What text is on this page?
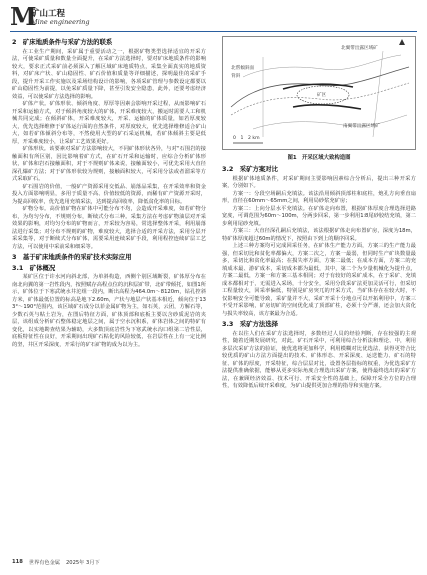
M
矿山工程
Mine engineering
2　矿床地质条件与采矿方法的联系

在工业生产期间，采矿属于重要活动之一，根据矿物类型选择适宜的开采方法，可使采矿质量和数量全面提升，在采矿方法选择时，要对矿床地质条件的影响较大，要求正式采矿前必须深入了解区域矿床地质特点，采集全面真实的地质资料，对矿床产状、矿山稳固性、矿石价值和质量等详细描述，探明最佳的采矿手段，提升开采工作实施以及采场结构设计的影响，各项采矿管理与参数设定都要以矿山稳固性为前提，以免采矿质量下降，甚至引发安全隐患，此外，还要考虑经济效益，可以使采矿方法选择的影响。

矿体产状。矿体形状、倾斜角度、厚厚等因素会影响开采过程，从而影响矿石开采和运输方式，对于倾斜角度较大的矿体，开采难度较大，搬运时需要人工和机械共同完成；在倾斜矿体，开采难度较大，开采、运输的矿体质量，如若厚度较大，优先选择维修于矿体运行面的自然条件，对厚度较大，优先选择维修适合矿山大，如若矿体倾斜分布等，不然使用大型的矿石采运机械，若矿体倾斜主要是低厚，开采难度较小，让采矿工艺效果更好。

矿体形状。该要素对采矿方法影响较大，不同矿体形状各异，与对"石围岩的接触面积有所区别，因比影响着矿方式，在矿石开采和运输时，应综合分析矿体形状，矿体和岩石接触面积，对于不规则矿体来说，接触面较小，可优先采用大直径深孔爆矿方法；对于矿体形状较为规则，接触面积较大，可采用分法或者溜采等方式采取矿石。

矿石围岩的价值，一般矿产资源采用交低品、崩落品采集，在开采效率和资金投入方面影响明显，多用于质量不高、价值较低的资源，而稀有矿产资源开采时，为提高回收率，优先选用充填采法，达到提高回收率，降低贫化率的目标。

矿物分布。高价值矿物在矿体中可能分布不均，会造成开采难度，如若矿物分布，为均匀分布，不规则分布，断续式分布三种。采集方法在考虑矿物油层对开采效果的影响，对均匀分布的矿物而言，开采较为容易，常选择整体开采，利用崩落法进行采集；对分布不规则的矿物，难度较大，选择合适的开采方法，采用分层开采采集等，对于断续式分布矿体，需要采用连续采矿手段，利用程控连续矿层工艺方法，可以使用中采前采和细采等。

3　基于矿床地质条件的采矿技术实际应用
3.1　矿体概况

某矿区位于许水河向斜北部，为单斜构造，西侧个别区域断裂，矿体厚分布在南北向翼的第一岩性段内，按照赋存高程点位的沉积层矿带，北矿带倾托，如图1所示，矿体位于下寒武统水井沱组一段内，断出高程为464.0m～8120m，钻孔控斜方米，矿体最低位置的标高是地下2.60m，产状与地层产状基本相近，倾向位于133°～190°范围内，该区域矿石成分以菲金属矿物为主，如石英，云团，方解石等，少数石英与粘土岩为，在图后特征方面，矿体顶部和底板主要以含砂质泥岩的夹层，该组成分析矿石整体稳定地层之间，属于空水沉积系，矿体岩体之间的特矿有变化，以实地勘查结果为辅助，大多数顶底岩性为下寒武统水沟口组第二岩性层，底板特征性在良好，开采期间出现矿石粘化的风险较低，在岩层性在上有一定比例的坚，井区开采深度，开采行的矿石矿物的成为以为主。

北翼带出露区域矿
南翼带出露区域矿
矿区
北帮倾斜面
背斜
0　1　2 km
图1　开采区域大致构造图
3.2　采矿方案对比

根据矿体地质条件，对采矿期间主要影响因素综合分析后，提出三种开采方案，分别如下。

方案一：分段空场嗣后充填法。该法沿用倾斜顶部柱和底柱，炮孔方向垂直扇形，直径在60mm～65mm之间，利用局砂浆充矿房；

方案二：上向分层水平充填法。在矿体走向布置，根据矿体厚度合理选择进路宽度，可调范围为60m～100m，分两步回采，第一步利用1∶8尾砂胶结充填，第二步利用尾砂充填。

方案三：大直径深孔嗣后充填法，该法根据矿体走向布置矿房，深度为18m，特矿体厚度超过60m的情况下，按照由下到上的顺序回采。

上述三种方案均可完成回采任务，在矿体生产能力方面，方案三的生产能力最强，但采切比和贫化率都偏大，方案二次之，方案一最弱，但同时生产矿块数量最多，采切比和贫化率最高；在损失率方面，方案二最低；在成本方面，方案二的充填成本最、游矿成本，采切成本都为最低，其中，第二个为少量机械化为提升点，方案二最低，方案一和方案三基本相同；对于有较好的采矿成本，在于采矿、充填成本都相对于，无需进入采场，十分安全，采用分段采矿法更加灵活可行，但采切工程量较大，回采率偏低，特别是矿房突兀的开采方式，当矿体存在在较大时，不仅影响安全可能导致，采矿量并不大，采矿开采十分地点可以开拓利用中，方案三不受开采影响，矿房切矿的空间优化成了顶部矿柱，必须十分严谨，还会加大贫化与损失率较高，该方案最为合适。

3.3　采矿方法选择

在以往人们在采矿方法选择时，多数经过人员的经验判断，存在较强的主观性，随着近期发展研究，对此，矿石开采中，可利用综合分析法和理论、中，利用多层次采矿方法的验证，使优选将更加科学，利用模糊对比优选法，获得更符合比较优质的矿山方法方面提出的技术、矿体形态、开采深度、运送能力、矿石的特征、矿体的厚度，开采特征，综合层层对比，设置各层指标的权重，为优选采矿方法提供准确依据，能够从更多实际角度合理选出采矿方案，使得最终选出的采矿方法，在兼顾经济效益、技术可行、开采安全性的基础上，保障开采全方位的合理性，有效降低后续开采难度，为矿山提供更加合理的指导和实施方案。

118 世界有色金属 2025年 3月下
